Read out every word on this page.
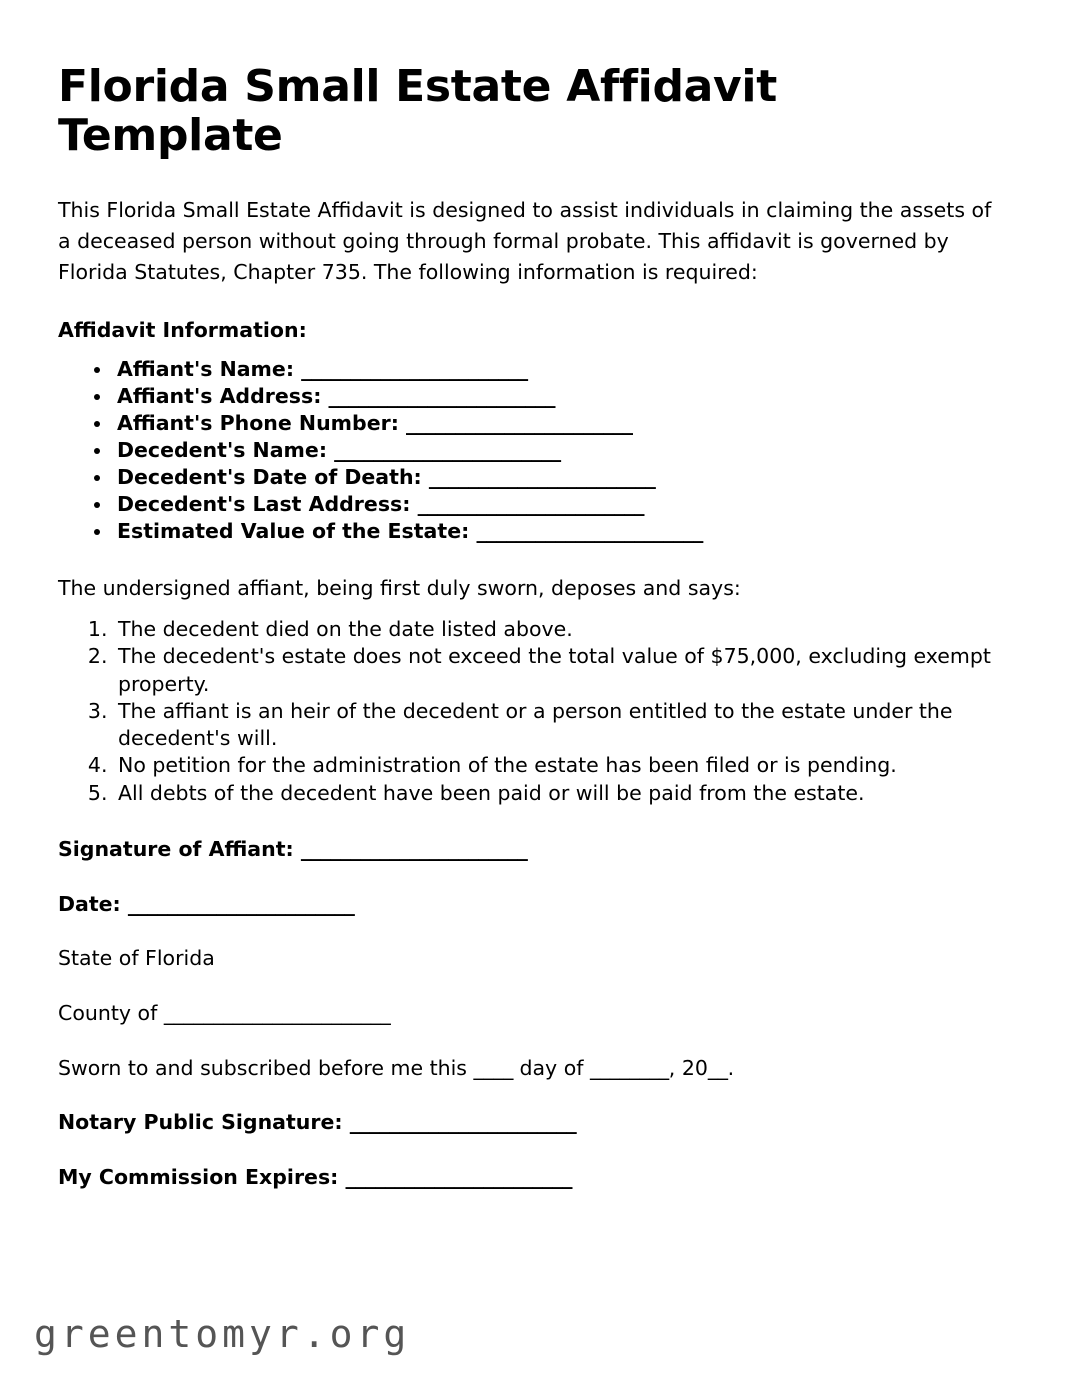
Florida Small Estate Affidavit Template

This Florida Small Estate Affidavit is designed to assist individuals in claiming the assets of a deceased person without going through formal probate. This affidavit is governed by Florida Statutes, Chapter 735. The following information is required:

Affidavit Information:
• Affiant's Name: _______________________
• Affiant's Address: _______________________
• Affiant's Phone Number: _______________________
• Decedent's Name: _______________________
• Decedent's Date of Death: _______________________
• Decedent's Last Address: _______________________
• Estimated Value of the Estate: _______________________

The undersigned affiant, being first duly sworn, deposes and says:

1. The decedent died on the date listed above.
2. The decedent's estate does not exceed the total value of $75,000, excluding exempt property.
3. The affiant is an heir of the decedent or a person entitled to the estate under the decedent's will.
4. No petition for the administration of the estate has been filed or is pending.
5. All debts of the decedent have been paid or will be paid from the estate.
Signature of Affiant: _______________________
Date: _______________________
State of Florida
County of _______________________
Sworn to and subscribed before me this ____ day of ________, 20__.
Notary Public Signature: _______________________
My Commission Expires: _______________________
greentomyr.org
